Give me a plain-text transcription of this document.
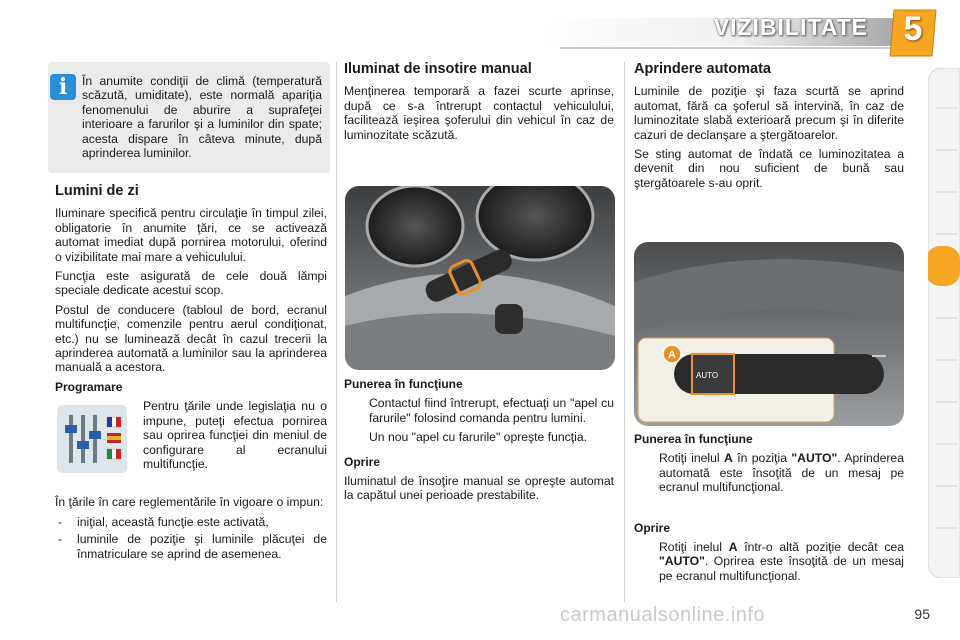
VIZIBILITATE	5
i	În anumite condiţii de climă (temperatură scăzută, umiditate), este normală apariţia fenomenului de aburire a suprafeţei interioare a farurilor şi a luminilor din spate; acesta dispare în câteva minute, după aprinderea luminilor.
Lumini de zi

Iluminare specifică pentru circulaţie în timpul zilei, obligatorie în anumite ţări, ce se activează automat imediat după pornirea motorului, oferind o vizibilitate mai mare a vehiculului.

Funcţia este asigurată de cele două lămpi speciale dedicate acestui scop.

Postul de conducere (tabloul de bord, ecranul multifuncţie, comenzile pentru aerul condiţionat, etc.) nu se luminează decât în cazul trecerii la aprinderea automată a luminilor sau la aprinderea manuală a acestora.

Programare
Pentru ţările unde legislaţia nu o impune, puteţi efectua pornirea sau oprirea funcţiei din meniul de configurare al ecranului multifuncţie.

În ţările în care reglementările în vigoare o impun:

- iniţial, această funcţie este activată,
- luminile de poziţie şi luminile plăcuţei de înmatriculare se aprind de asemenea.
Iluminat de insotire manual

Menţinerea temporară a fazei scurte aprinse, după ce s-a întrerupt contactul vehiculului, facilitează ieşirea şoferului din vehicul în caz de luminozitate scăzută.

Punerea în funcţiune
Contactul fiind întrerupt, efectuaţi un "apel cu farurile" folosind comanda pentru lumini.
Un nou "apel cu farurile" opreşte funcţia.
Oprire

Iluminatul de însoţire manual se opreşte automat la capătul unei perioade prestabilite.

Aprindere automata

Luminile de poziţie şi faza scurtă se aprind automat, fără ca şoferul să intervină, în caz de luminozitate slabă exterioară precum şi în diferite cazuri de declanşare a ştergătoarelor.

Se sting automat de îndată ce luminozitatea a devenit din nou suficient de bună sau ştergătoarele s-au oprit.

A
AUTO
Punerea în funcţiune
Rotiţi inelul A în poziţia "AUTO". Aprinderea automată este însoţită de un mesaj pe ecranul multifuncţional.
Oprire
Rotiţi inelul A într-o altă poziţie decât cea "AUTO". Oprirea este însoţită de un mesaj pe ecranul multifuncţional.
carmanualsonline.info	95
